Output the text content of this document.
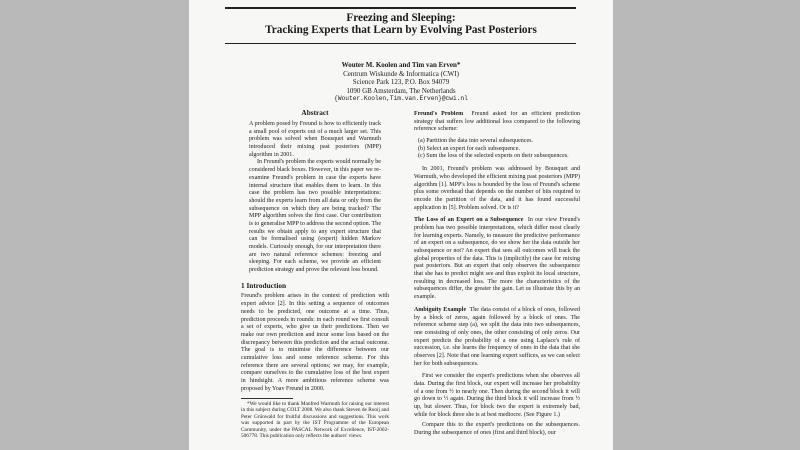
Freezing and Sleeping:
Tracking Experts that Learn by Evolving Past Posteriors
Wouter M. Koolen and Tim van Erven*
Centrum Wiskunde & Informatica (CWI)
Science Park 123, P.O. Box 94079
1090 GB Amsterdam, The Netherlands
{Wouter.Koolen,Tim.van.Erven}@cwi.nl
Abstract

A problem posed by Freund is how to efficiently track a small pool of experts out of a much larger set. This problem was solved when Bousquet and Warmuth introduced their mixing past posteriors (MPP) algorithm in 2001.

In Freund's problem the experts would normally be considered black boxes. However, in this paper we re-examine Freund's problem in case the experts have internal structure that enables them to learn. In this case the problem has two possible interpretations: should the experts learn from all data or only from the subsequence on which they are being tracked? The MPP algorithm solves the first case. Our contribution is to generalise MPP to address the second option. The results we obtain apply to any expert structure that can be formalised using (expert) hidden Markov models. Curiously enough, for our interpretation there are two natural reference schemes: freezing and sleeping. For each scheme, we provide an efficient prediction strategy and prove the relevant loss bound.

1 Introduction

Freund's problem arises in the context of prediction with expert advice [2]. In this setting a sequence of outcomes needs to be predicted, one outcome at a time. Thus, prediction proceeds in rounds: in each round we first consult a set of experts, who give us their predictions. Then we make our own prediction and incur some loss based on the discrepancy between this prediction and the actual outcome. The goal is to minimise the difference between our cumulative loss and some reference scheme. For this reference there are several options; we may, for example, compare ourselves to the cumulative loss of the best expert in hindsight. A more ambitious reference scheme was proposed by Yoav Freund in 2000.

*We would like to thank Manfred Warmuth for raising our interest in this subject during COLT 2008. We also thank Steven de Rooij and Peter Grünwald for fruitful discussions and suggestions. This work was supported in part by the IST Programme of the European Community, under the PASCAL Network of Excellence, IST-2002-506778. This publication only reflects the authors' views.

Freund's Problem Freund asked for an efficient prediction strategy that suffers low additional loss compared to the following reference scheme:

(a) Partition the data into several subsequences.
(b) Select an expert for each subsequence.
(c) Sum the loss of the selected experts on their subsequences.

In 2001, Freund's problem was addressed by Bousquet and Warmuth, who developed the efficient mixing past posteriors (MPP) algorithm [1]. MPP's loss is bounded by the loss of Freund's scheme plus some overhead that depends on the number of bits required to encode the partition of the data, and it has found successful application in [5]. Problem solved. Or is it?

The Loss of an Expert on a Subsequence In our view Freund's problem has two possible interpretations, which differ most clearly for learning experts. Namely, to measure the predictive performance of an expert on a subsequence, do we show her the data outside her subsequence or not? An expert that sees all outcomes will track the global properties of the data. This is (implicitly) the case for mixing past posteriors. But an expert that only observes the subsequence that she has to predict might see and thus exploit its local structure, resulting in decreased loss. The more the characteristics of the subsequences differ, the greater the gain. Let us illustrate this by an example.

Ambiguity Example The data consist of a block of ones, followed by a block of zeros, again followed by a block of ones. The reference scheme step (a), we split the data into two subsequences, one consisting of only ones, the other consisting of only zeros. Our expert predicts the probability of a one using Laplace's rule of succession, i.e. she learns the frequency of ones in the data that she observes [2]. Note that one learning expert suffices, as we can select her for both subsequences.

First we consider the expert's predictions when she observes all data. During the first block, our expert will increase her probability of a one from ½ to nearly one. Then during the second block it will go down to ½ again. During the third block it will increase from ½ up, but slower. Thus, for block two the expert is extremely bad, while for block three she is at best mediocre. (See Figure 1.)

Compare this to the expert's predictions on the subsequences. During the subsequence of ones (first and third block), our
